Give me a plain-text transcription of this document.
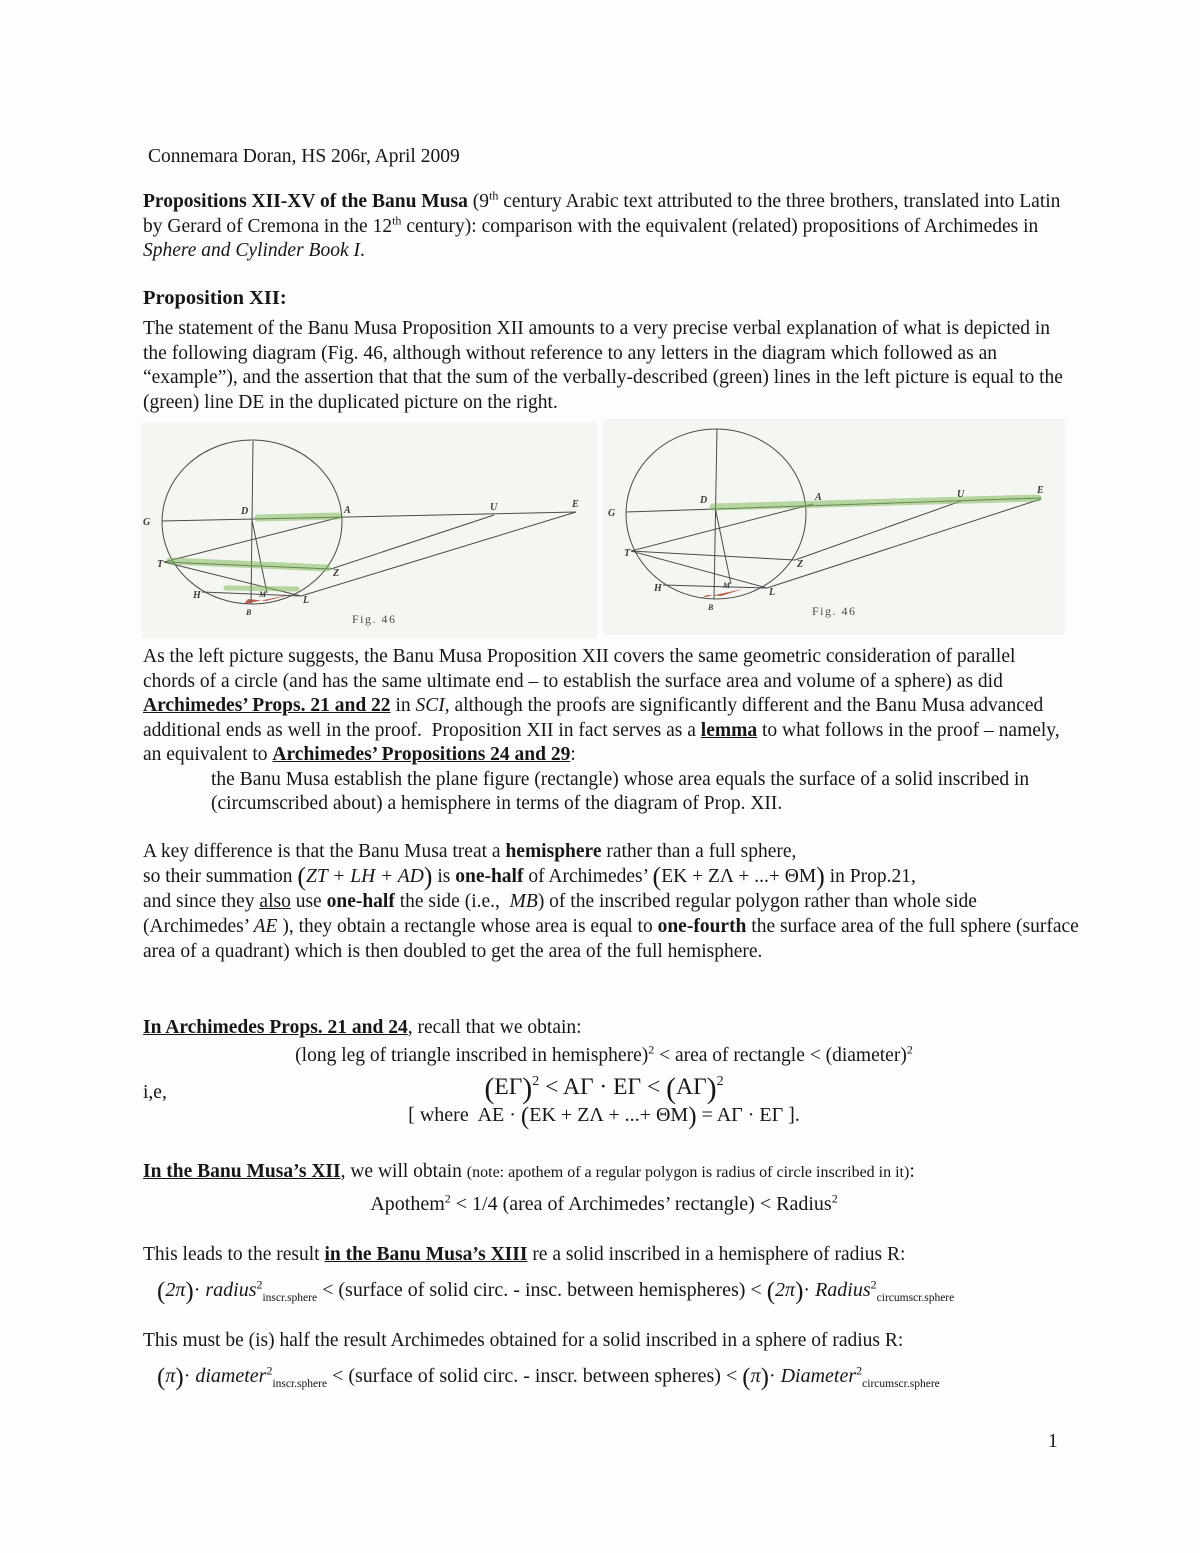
Connemara Doran, HS 206r, April 2009

Propositions XII-XV of the Banu Musa (9th century Arabic text attributed to the three brothers, translated into Latin by Gerard of Cremona in the 12th century): comparison with the equivalent (related) propositions of Archimedes in Sphere and Cylinder Book I.

Proposition XII:

The statement of the Banu Musa Proposition XII amounts to a very precise verbal explanation of what is depicted in the following diagram (Fig. 46, although without reference to any letters in the diagram which followed as an “example”), and the assertion that that the sum of the verbally-described (green) lines in the left picture is equal to the (green) line DE in the duplicated picture on the right.

G
D	A	U	E
T
Z
H	L
M
B	Fig. 46
G
D	A	U	E
T
Z
H	L
M
B	Fig. 46

As the left picture suggests, the Banu Musa Proposition XII covers the same geometric consideration of parallel chords of a circle (and has the same ultimate end – to establish the surface area and volume of a sphere) as did Archimedes’ Props. 21 and 22 in SCI, although the proofs are significantly different and the Banu Musa advanced additional ends as well in the proof.  Proposition XII in fact serves as a lemma to what follows in the proof – namely, an equivalent to Archimedes’ Propositions 24 and 29:
the Banu Musa establish the plane figure (rectangle) whose area equals the surface of a solid inscribed in (circumscribed about) a hemisphere in terms of the diagram of Prop. XII.

A key difference is that the Banu Musa treat a hemisphere rather than a full sphere,
so their summation (ZT + LH + AD) is one-half of Archimedes’ (EK + ZΛ + ...+ ΘM) in Prop.21,
and since they also use one-half the side (i.e.,  MB) of the inscribed regular polygon rather than whole side (Archimedes’ AE ), they obtain a rectangle whose area is equal to one-fourth the surface area of the full sphere (surface area of a quadrant) which is then doubled to get the area of the full hemisphere.

In Archimedes Props. 21 and 24, recall that we obtain:
(long leg of triangle inscribed in hemisphere)$^2$ < area of rectangle < (diameter)$^2$
i,e,	$(E\Gamma)^2 < A\Gamma \cdot E\Gamma < (A\Gamma)^2$
[ where  AE · (EK + ZΛ + ...+ ΘM) = AΓ · EΓ ].
In the Banu Musa’s XII, we will obtain (note: apothem of a regular polygon is radius of circle inscribed in it):
Apothem$^2$ < 1/4 (area of Archimedes’ rectangle) < Radius$^2$
This leads to the result in the Banu Musa’s XIII re a solid inscribed in a hemisphere of radius R:
(2π)· radius$^2_{inscr.sphere}$ < (surface of solid circ. - insc. between hemispheres) < (2π)· Radius$^2_{circumscr.sphere}$
This must be (is) half the result Archimedes obtained for a solid inscribed in a sphere of radius R:
(π)· diameter$^2_{inscr.sphere}$ < (surface of solid circ. - inscr. between spheres) < (π)· Diameter$^2_{circumscr.sphere}$
1
